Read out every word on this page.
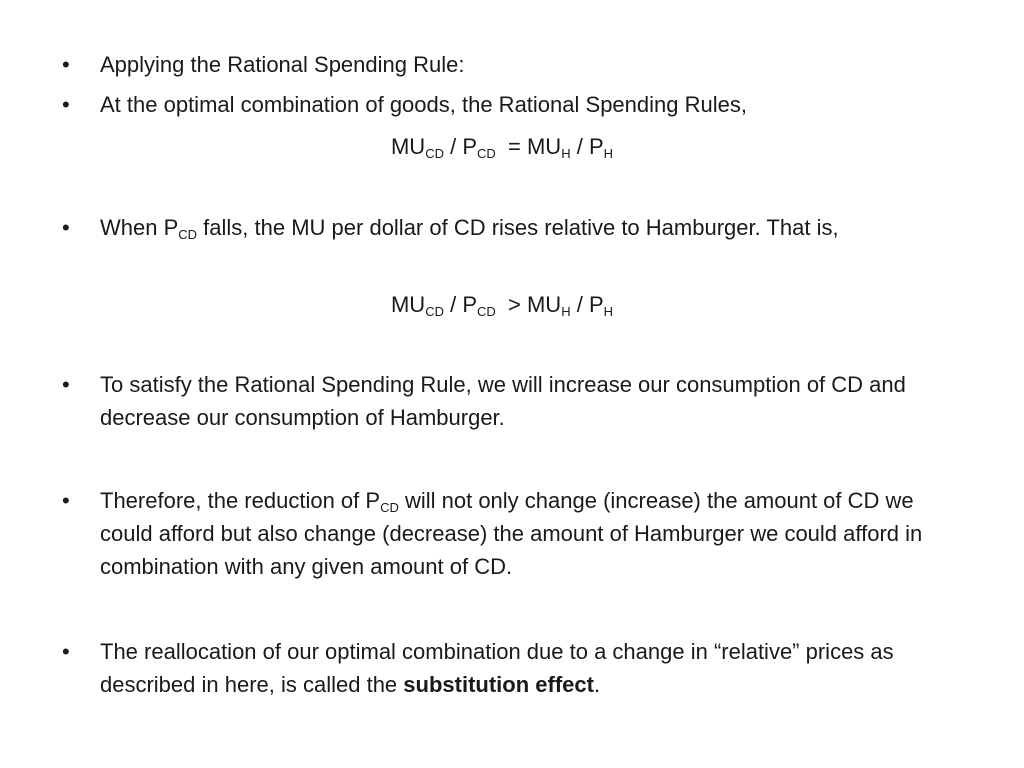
•	Applying the Rational Spending Rule:
•	At the optimal combination of goods, the Rational Spending Rules,
$MU_{CD} / P_{CD} = MU_H / P_H$
•	When $P_{CD}$ falls, the MU per dollar of CD rises relative to Hamburger. That is,
$MU_{CD} / P_{CD} > MU_H / P_H$
•	To satisfy the Rational Spending Rule, we will increase our consumption of CD and decrease our consumption of Hamburger.
•	Therefore, the reduction of $P_{CD}$ will not only change (increase) the amount of CD we could afford but also change (decrease) the amount of Hamburger we could afford in combination with any given amount of CD.
•	The reallocation of our optimal combination due to a change in “relative” prices as described in here, is called the substitution effect.
